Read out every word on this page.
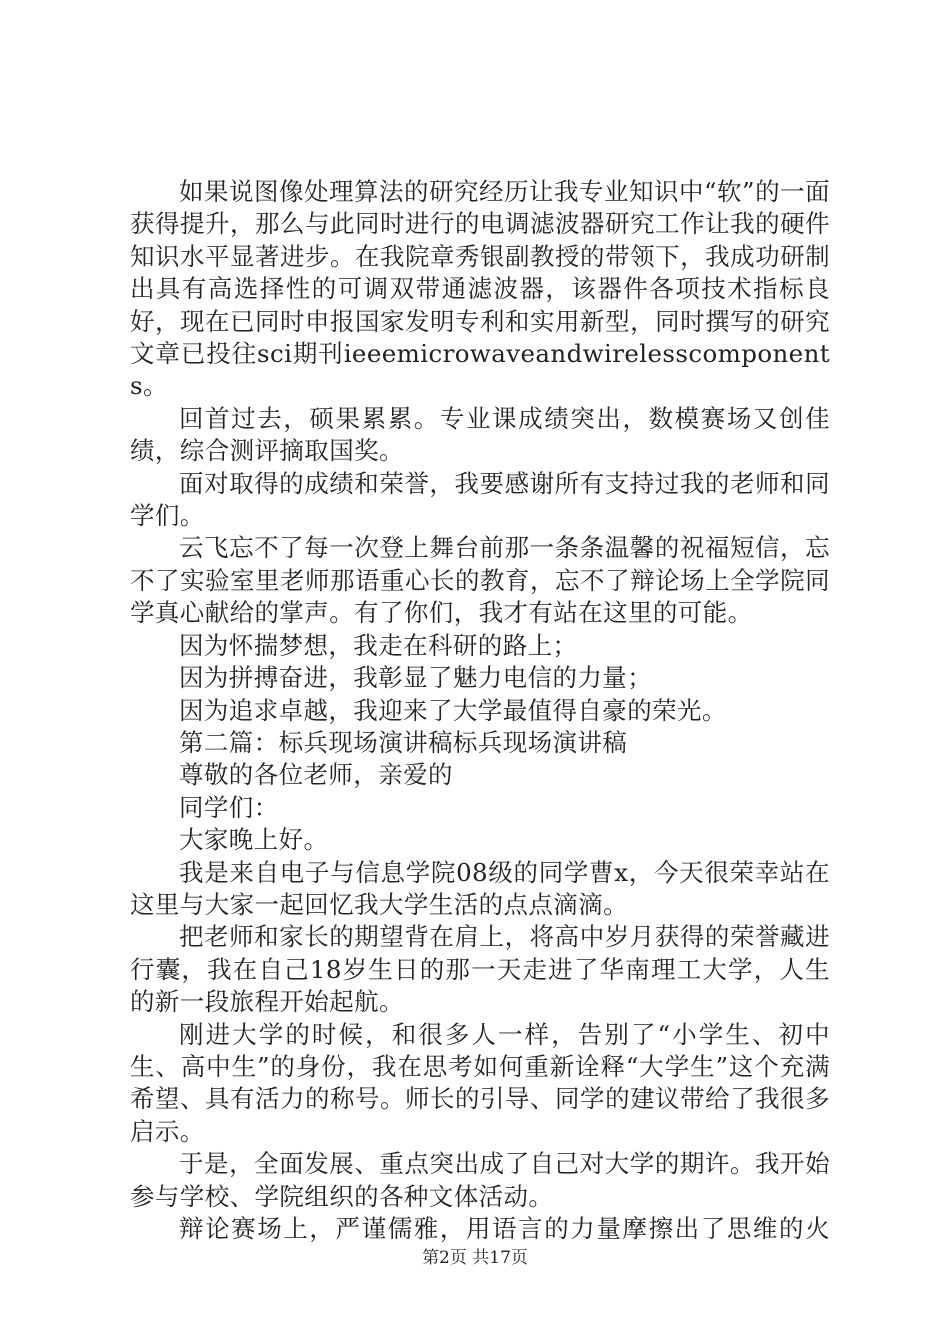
如果说图像处理算法的研究经历让我专业知识中“软”的一面获得提升，那么与此同时进行的电调滤波器研究工作让我的硬件知识水平显著进步。在我院章秀银副教授的带领下，我成功研制出具有高选择性的可调双带通滤波器，该器件各项技术指标良好，现在已同时申报国家发明专利和实用新型，同时撰写的研究文章已投往sci期刊ieeemicrowaveandwirelesscomponents。

回首过去，硕果累累。专业课成绩突出，数模赛场又创佳绩，综合测评摘取国奖。

面对取得的成绩和荣誉，我要感谢所有支持过我的老师和同学们。

云飞忘不了每一次登上舞台前那一条条温馨的祝福短信，忘不了实验室里老师那语重心长的教育，忘不了辩论场上全学院同学真心献给的掌声。有了你们，我才有站在这里的可能。

因为怀揣梦想，我走在科研的路上；

因为拼搏奋进，我彰显了魅力电信的力量；

因为追求卓越，我迎来了大学最值得自豪的荣光。

第二篇：标兵现场演讲稿标兵现场演讲稿

尊敬的各位老师，亲爱的

同学们：

大家晚上好。

我是来自电子与信息学院08级的同学曹x，今天很荣幸站在这里与大家一起回忆我大学生活的点点滴滴。

把老师和家长的期望背在肩上，将高中岁月获得的荣誉藏进行囊，我在自己18岁生日的那一天走进了华南理工大学，人生的新一段旅程开始起航。

刚进大学的时候，和很多人一样，告别了“小学生、初中生、高中生”的身份，我在思考如何重新诠释“大学生”这个充满希望、具有活力的称号。师长的引导、同学的建议带给了我很多启示。

于是，全面发展、重点突出成了自己对大学的期许。我开始参与学校、学院组织的各种文体活动。

辩论赛场上，严谨儒雅，用语言的力量摩擦出了思维的火

第2页 共17页
